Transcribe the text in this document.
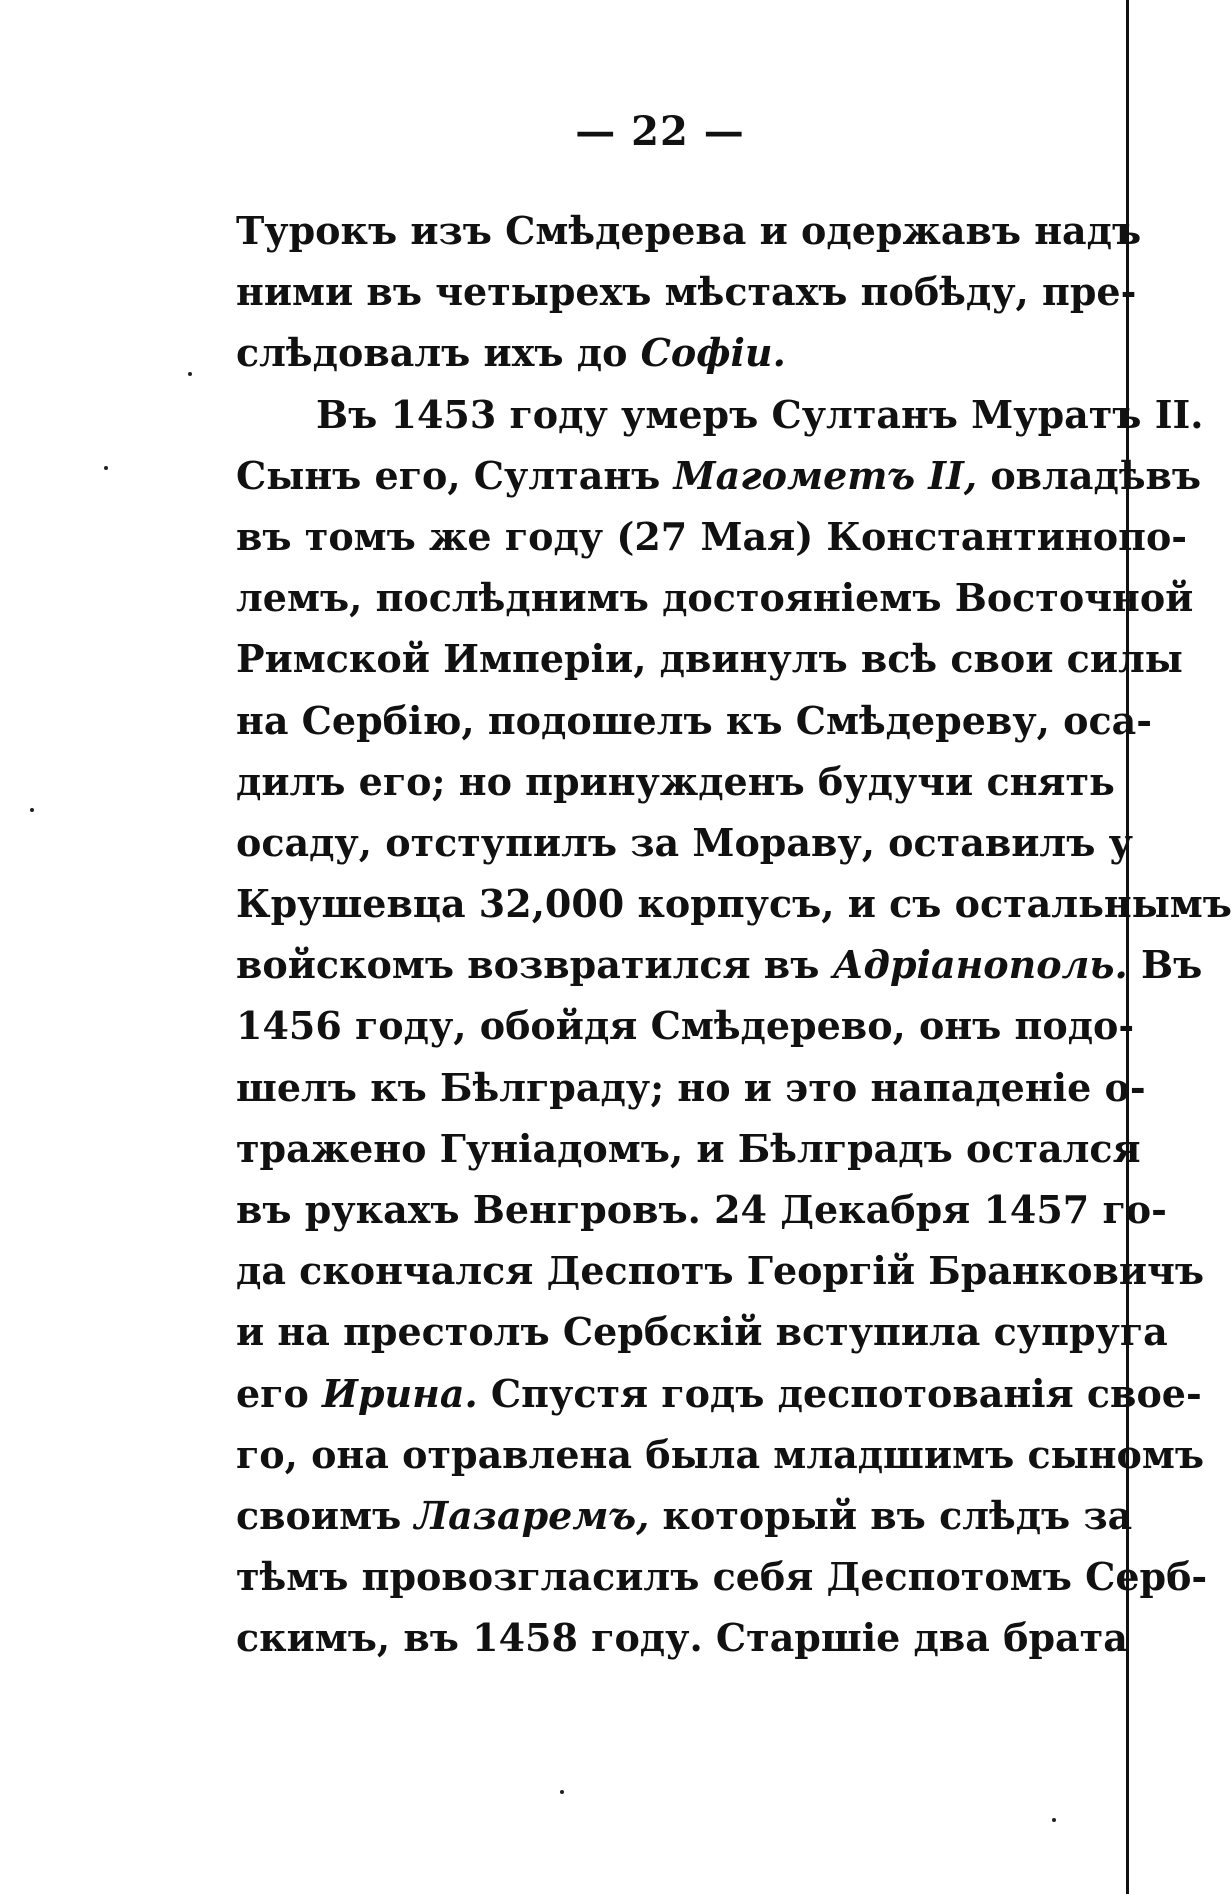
— 22 —
Турокъ изъ Смѣдерева и одержавъ надъ
ними въ четырехъ мѣстахъ побѣду, пре-
слѣдовалъ ихъ до Софіи.
Въ 1453 году умеръ Султанъ Муратъ II.
Сынъ его, Султанъ Магометъ II, овладѣвъ
въ томъ же году (27 Мая) Константинопо-
лемъ, послѣднимъ достояніемъ Восточной
Римской Имперіи, двинулъ всѣ свои силы
на Сербію, подошелъ къ Смѣдереву, оса-
дилъ его; но принужденъ будучи снять
осаду, отступилъ за Мораву, оставилъ у
Крушевца 32,000 корпусъ, и съ остальнымъ
войскомъ возвратился въ Адріанополь. Въ
1456 году, обойдя Смѣдерево, онъ подо-
шелъ къ Бѣлграду; но и это нападеніе о-
тражено Гуніадомъ, и Бѣлградъ остался
въ рукахъ Венгровъ. 24 Декабря 1457 го-
да скончался Деспотъ Георгій Бранковичъ
и на престолъ Сербскій вступила супруга
его Ирина. Спустя годъ деспотованія свое-
го, она отравлена была младшимъ сыномъ
своимъ Лазаремъ, который въ слѣдъ за
тѣмъ провозгласилъ себя Деспотомъ Серб-
скимъ, въ 1458 году. Старшіе два брата
